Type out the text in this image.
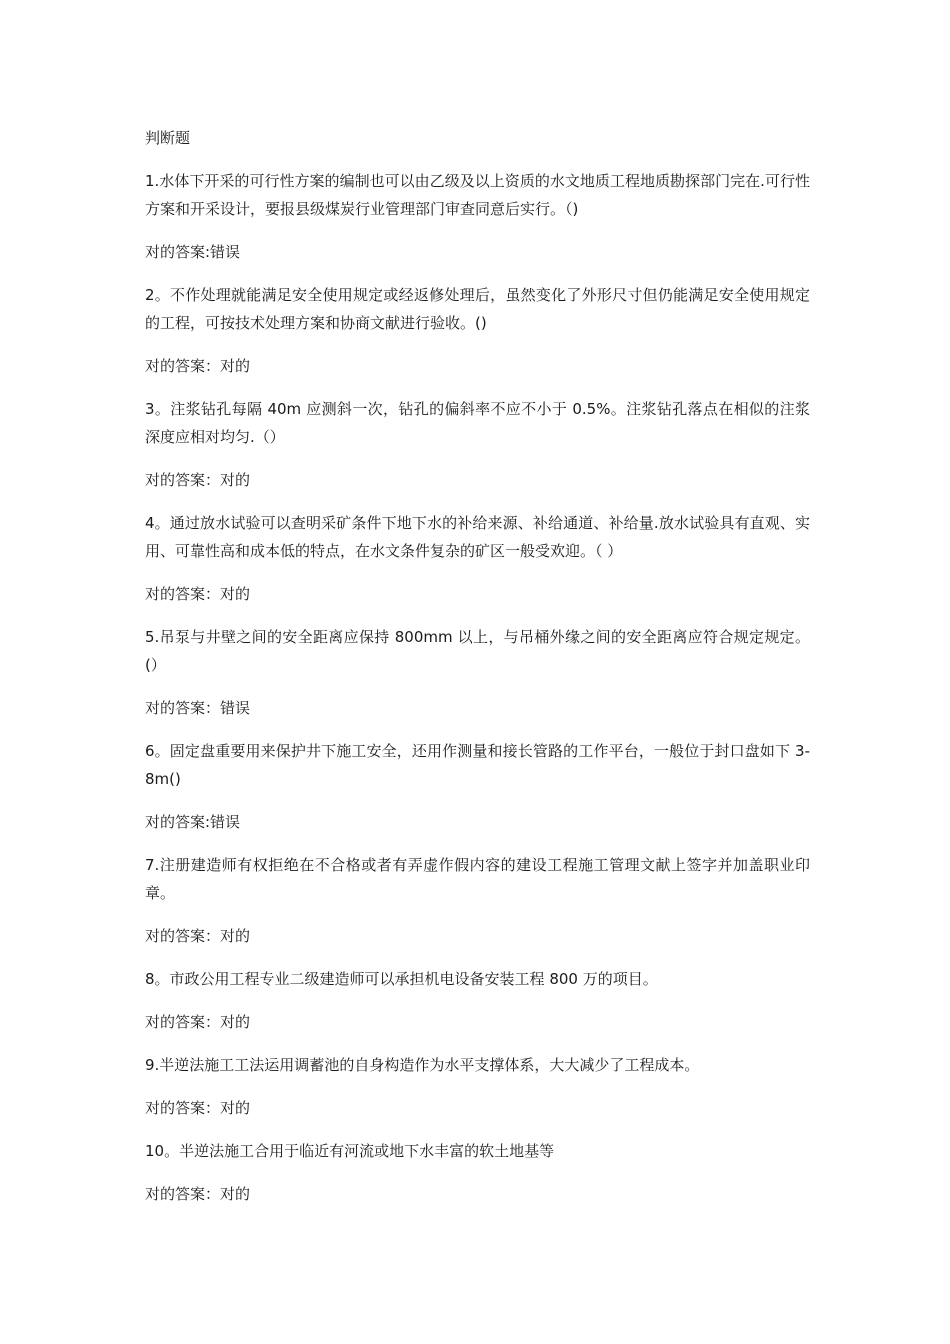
判断题

1.水体下开采的可行性方案的编制也可以由乙级及以上资质的水文地质工程地质勘探部门完在.可行性方案和开采设计，要报县级煤炭行业管理部门审查同意后实行。（)

对的答案:错误

2。不作处理就能满足安全使用规定或经返修处理后，虽然变化了外形尺寸但仍能满足安全使用规定的工程，可按技术处理方案和协商文献进行验收。()

对的答案：对的

3。注浆钻孔每隔 40m 应测斜一次，钻孔的偏斜率不应不小于 0.5%。注浆钻孔落点在相似的注浆深度应相对均匀.（）

对的答案：对的

4。通过放水试验可以查明采矿条件下地下水的补给来源、补给通道、补给量.放水试验具有直观、实用、可靠性高和成本低的特点，在水文条件复杂的矿区一般受欢迎。（ ）

对的答案：对的

5.吊泵与井壁之间的安全距离应保持 800mm 以上，与吊桶外缘之间的安全距离应符合规定规定。(）

对的答案：错误

6。固定盘重要用来保护井下施工安全，还用作测量和接长管路的工作平台，一般位于封口盘如下 3-8m()

对的答案:错误

7.注册建造师有权拒绝在不合格或者有弄虚作假内容的建设工程施工管理文献上签字并加盖职业印章。

对的答案：对的

8。市政公用工程专业二级建造师可以承担机电设备安装工程 800 万的项目。

对的答案：对的

9.半逆法施工工法运用调蓄池的自身构造作为水平支撑体系，大大减少了工程成本。

对的答案：对的

10。半逆法施工合用于临近有河流或地下水丰富的软土地基等

对的答案：对的
